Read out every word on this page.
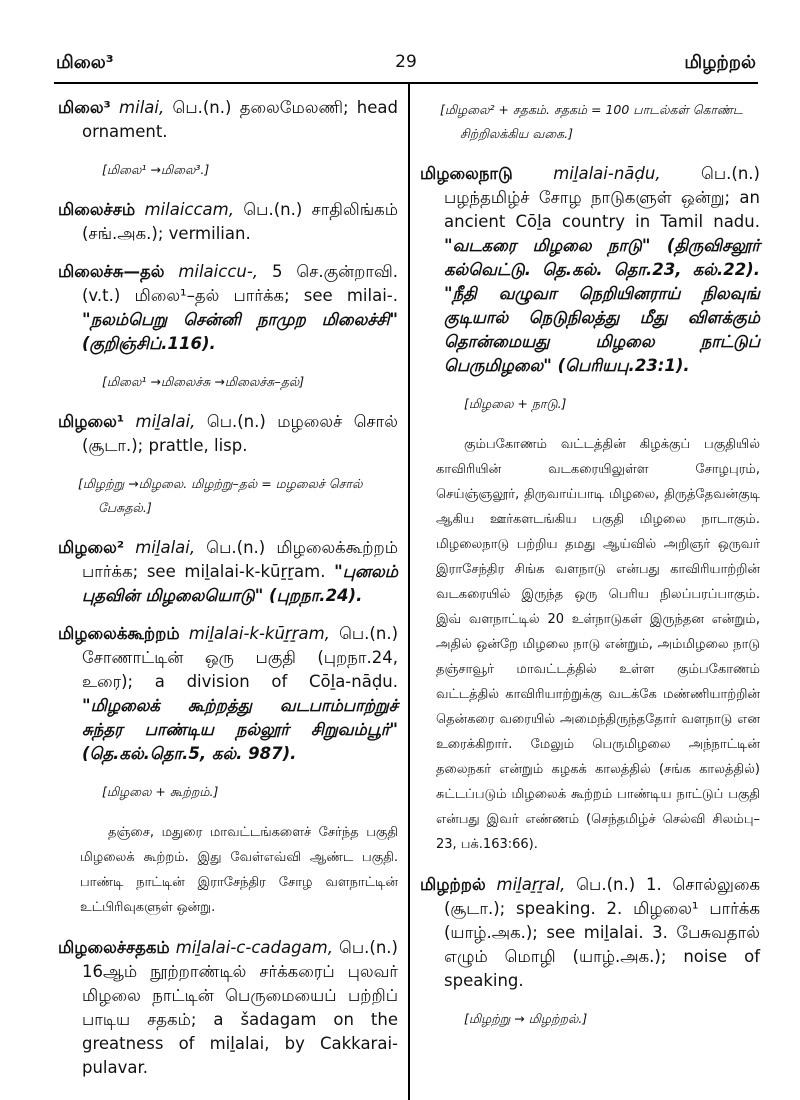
மிலை³	29	மிழற்றல்

மிலை³ milai, பெ.(n.) தலைமேலணி; head ornament.

[மிலை¹ →மிலை³.]

மிலைச்சம் milaiccam, பெ.(n.) சாதிலிங்கம் (சங்.அக.); vermilian.

மிலைச்சு—தல் milaiccu-, 5 செ.குன்றாவி. (v.t.) மிலை¹–தல் பார்க்க; see milai-. "நலம்பெறு சென்னி நாமுற மிலைச்சி" (குறிஞ்சிப்.116).

[மிலை¹ →மிலைச்சு →மிலைச்சு–தல்]

மிழலை¹ miḻalai, பெ.(n.) மழலைச் சொல் (சூடா.); prattle, lisp.

[மிழற்று →மிழலை. மிழற்று–தல் = மழலைச் சொல் பேசுதல்.]

மிழலை² miḻalai, பெ.(n.) மிழலைக்கூற்றம் பார்க்க; see miḻalai-k-kūṟṟam. "புனலம் புதவின் மிழலையொடு" (புறநா.24).

மிழலைக்கூற்றம் miḻalai-k-kūṟṟam, பெ.(n.) சோணாட்டின் ஒரு பகுதி (புறநா.24, உரை); a division of Cōḻa-nāḍu. "மிழலைக் கூற்றத்து வடபாம்பாற்றுச் சுந்தர பாண்டிய நல்லூர் சிறுவம்பூர்" (தெ.கல்.தொ.5, கல். 987).

[மிழலை + கூற்றம்.]

தஞ்சை, மதுரை மாவட்டங்களைச் சேர்ந்த பகுதி மிழலைக் கூற்றம். இது வேள்எவ்வி ஆண்ட பகுதி. பாண்டி நாட்டின் இராசேந்திர சோழ வளநாட்டின் உட்பிரிவுகளுள் ஒன்று.

மிழலைச்சதகம் miḻalai-c-cadagam, பெ.(n.) 16ஆம் நூற்றாண்டில் சர்க்கரைப் புலவர் மிழலை நாட்டின் பெருமையைப் பற்றிப் பாடிய சதகம்; a šadagam on the greatness of miḻalai, by Cakkarai-pulavar.

[மிழலை² + சதகம். சதகம் = 100 பாடல்கள் கொண்ட சிற்றிலக்கிய வகை.]

மிழலைநாடு miḻalai-nāḍu, பெ.(n.) பழந்தமிழ்ச் சோழ நாடுகளுள் ஒன்று; an ancient Cōḻa country in Tamil nadu. "வடகரை மிழலை நாடு" (திருவிசலூர் கல்வெட்டு. தெ.கல். தொ.23, கல்.22). "நீதி வழுவா நெறியினராய் நிலவுங் குடியால் நெடுநிலத்து மீது விளக்கும் தொன்மையது மிழலை நாட்டுப் பெருமிழலை" (பெரியபு.23:1).

[மிழலை + நாடு.]

கும்பகோணம் வட்டத்தின் கிழக்குப் பகுதியில் காவிரியின் வடகரையிலுள்ள சோழபுரம், செய்ஞ்ஞலூர், திருவாய்பாடி மிழலை, திருத்தேவன்குடி ஆகிய ஊர்களடங்கிய பகுதி மிழலை நாடாகும். மிழலைநாடு பற்றிய தமது ஆய்வில் அறிஞர் ஒருவர் இராசேந்திர சிங்க வளநாடு என்பது காவிரியாற்றின் வடகரையில் இருந்த ஒரு பெரிய நிலப்பரப்பாகும். இவ் வளநாட்டில் 20 உள்நாடுகள் இருந்தன என்றும், அதில் ஒன்றே மிழலை நாடு என்றும், அம்மிழலை நாடு தஞ்சாவூர் மாவட்டத்தில் உள்ள கும்பகோணம் வட்டத்தில் காவிரியாற்றுக்கு வடக்கே மண்ணியாற்றின் தென்கரை வரையில் அமைந்திருந்ததோர் வளநாடு என உரைக்கிறார். மேலும் பெருமிழலை அந்நாட்டின் தலைநகர் என்றும் கழகக் காலத்தில் (சங்க காலத்தில்) சுட்டப்படும் மிழலைக் கூற்றம் பாண்டிய நாட்டுப் பகுதி என்பது இவர் எண்ணம் (செந்தமிழ்ச் செல்வி சிலம்பு–23, பக்.163:66).

மிழற்றல் miḻaṟṟal, பெ.(n.) 1. சொல்லுகை (சூடா.); speaking. 2. மிழலை¹ பார்க்க (யாழ்.அக.); see miḻalai. 3. பேசுவதால் எழும் மொழி (யாழ்.அக.); noise of speaking.

[மிழற்று → மிழற்றல்.]
